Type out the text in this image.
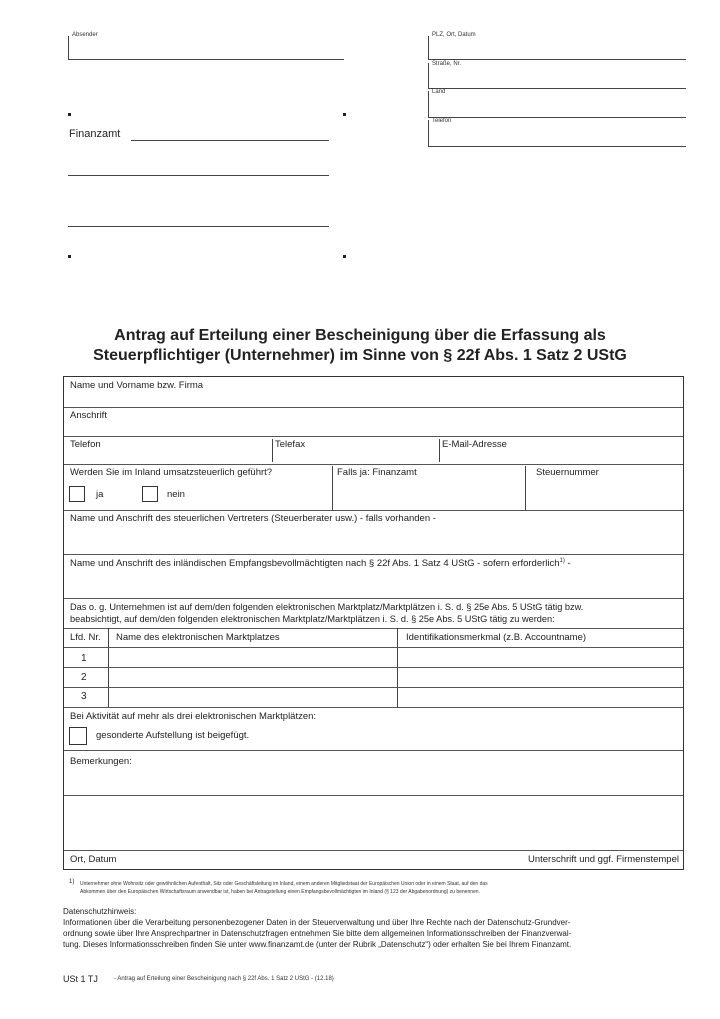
Absender	PLZ, Ort, Datum
Straße, Nr.
Land
Telefon
Finanzamt
Antrag auf Erteilung einer Bescheinigung über die Erfassung als
Steuerpflichtiger (Unternehmer) im Sinne von § 22f Abs. 1 Satz 2 UStG
Name und Vorname bzw. Firma
Anschrift
Telefon	Telefax	E-Mail-Adresse
Werden Sie im Inland umsatzsteuerlich geführt?	Falls ja: Finanzamt	Steuernummer
ja	nein
Name und Anschrift des steuerlichen Vertreters (Steuerberater usw.) - falls vorhanden -
Name und Anschrift des inländischen Empfangsbevollmächtigten nach § 22f Abs. 1 Satz 4 UStG - sofern erforderlich$^{1)}$ -
Das o. g. Unternehmen ist auf dem/den folgenden elektronischen Marktplatz/Marktplätzen i. S. d. § 25e Abs. 5 UStG tätig bzw.
beabsichtigt, auf dem/den folgenden elektronischen Marktplatz/Marktplätzen i. S. d. § 25e Abs. 5 UStG tätig zu werden:
Lfd. Nr. Name des elektronischen Marktplatzes	Identifikationsmerkmal (z.B. Accountname)
1
2
3
Bei Aktivität auf mehr als drei elektronischen Marktplätzen:
gesonderte Aufstellung ist beigefügt.
Bemerkungen:
Ort, Datum	Unterschrift und ggf. Firmenstempel
1) Unternehmer ohne Wohnsitz oder gewöhnlichen Aufenthalt, Sitz oder Geschäftsleitung im Inland, einem anderen Mitgliedstaat der Europäischen Union oder in einem Staat, auf den das
Abkommen über den Europäischen Wirtschaftsraum anwendbar ist, haben bei Antragstellung einen Empfangsbevollmächtigten im Inland (§ 123 der Abgabenordnung) zu benennen.
Datenschutzhinweis:
Informationen über die Verarbeitung personenbezogener Daten in der Steuerverwaltung und über Ihre Rechte nach der Datenschutz-Grundver-
ordnung sowie über Ihre Ansprechpartner in Datenschutzfragen entnehmen Sie bitte dem allgemeinen Informationsschreiben der Finanzverwal-
tung. Dieses Informationsschreiben finden Sie unter www.finanzamt.de (unter der Rubrik „Datenschutz“) oder erhalten Sie bei Ihrem Finanzamt.
USt 1 TJ	- Antrag auf Erteilung einer Bescheinigung nach § 22f Abs. 1 Satz 2 UStG - (12.18)
